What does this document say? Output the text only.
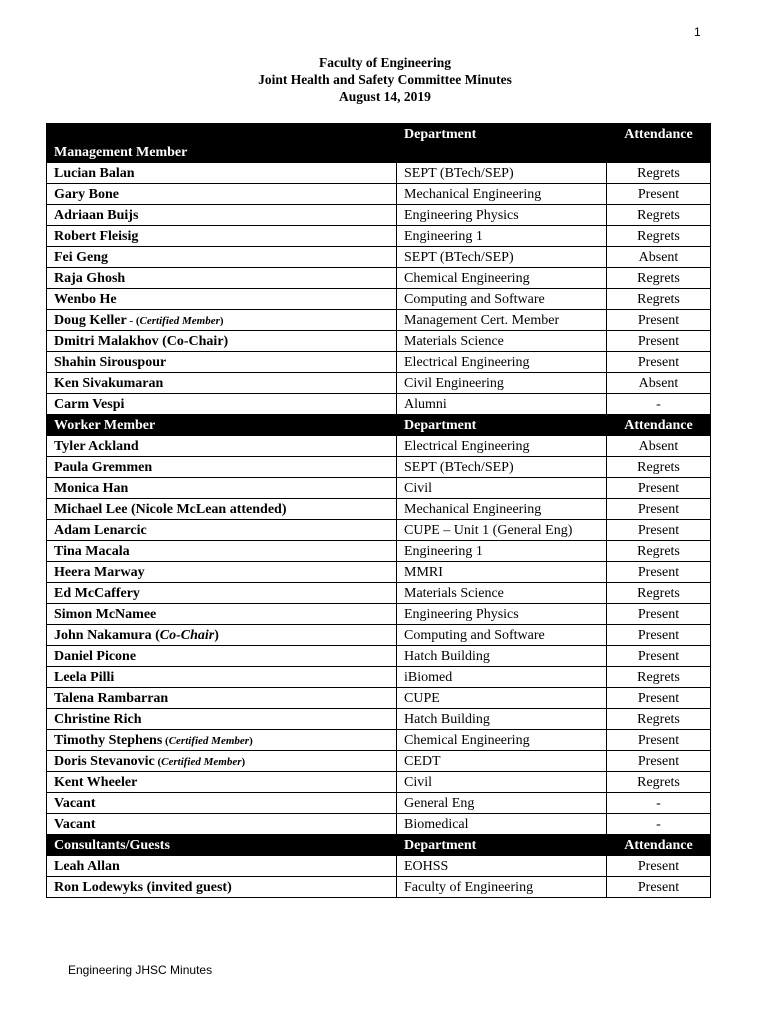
1
Faculty of Engineering
Joint Health and Safety Committee Minutes
August 14, 2019
Management Member	Department	Attendance
Lucian Balan	SEPT (BTech/SEP)	Regrets
Gary Bone	Mechanical Engineering	Present
Adriaan Buijs	Engineering Physics	Regrets
Robert Fleisig	Engineering 1	Regrets
Fei Geng	SEPT (BTech/SEP)	Absent
Raja Ghosh	Chemical Engineering	Regrets
Wenbo He	Computing and Software	Regrets
Doug Keller - (Certified Member)	Management Cert. Member	Present
Dmitri Malakhov (Co-Chair)	Materials Science	Present
Shahin Sirouspour	Electrical Engineering	Present
Ken Sivakumaran	Civil Engineering	Absent
Carm Vespi	Alumni	-
Worker Member	Department	Attendance
Tyler Ackland	Electrical Engineering	Absent
Paula Gremmen	SEPT (BTech/SEP)	Regrets
Monica Han	Civil	Present
Michael Lee (Nicole McLean attended)	Mechanical Engineering	Present
Adam Lenarcic	CUPE – Unit 1 (General Eng)	Present
Tina Macala	Engineering 1	Regrets
Heera Marway	MMRI	Present
Ed McCaffery	Materials Science	Regrets
Simon McNamee	Engineering Physics	Present
John Nakamura (Co-Chair)	Computing and Software	Present
Daniel Picone	Hatch Building	Present
Leela Pilli	iBiomed	Regrets
Talena Rambarran	CUPE	Present
Christine Rich	Hatch Building	Regrets
Timothy Stephens (Certified Member)	Chemical Engineering	Present
Doris Stevanovic (Certified Member)	CEDT	Present
Kent Wheeler	Civil	Regrets
Vacant	General Eng	-
Vacant	Biomedical	-
Consultants/Guests	Department	Attendance
Leah Allan	EOHSS	Present
Ron Lodewyks (invited guest)	Faculty of Engineering	Present
Engineering JHSC Minutes
